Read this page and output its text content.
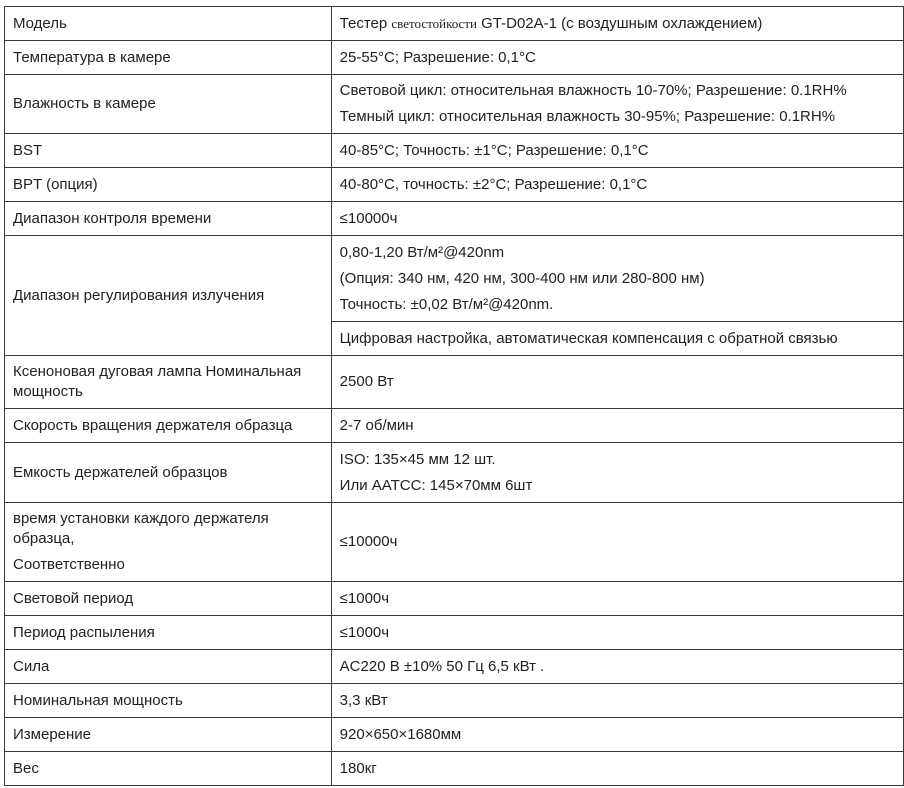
Модель	Тестер светостойкости GT-D02A-1 (с воздушным охлаждением)
Температура в камере	25-55°C; Разрешение: 0,1°C
Влажность в камере	Световой цикл: относительная влажность 10-70%; Разрешение: 0.1RH%
Темный цикл: относительная влажность 30-95%; Разрешение: 0.1RH%

BST	40-85°C; Точность: ±1°C; Разрешение: 0,1°C
BPT (опция)	40-80°C, точность: ±2°C; Разрешение: 0,1°C
Диапазон контроля времени	≤10000ч
Диапазон регулирования излучения	0,80-1,20 Вт/м²@420nm
(Опция: 340 нм, 420 нм, 300-400 нм или 280-800 нм)
Точность: ±0,02 Вт/м²@420nm.

	Цифровая настройка, автоматическая компенсация с обратной связью
Ксеноновая дуговая лампа Номинальная мощность	2500 Вт
Скорость вращения держателя образца	2-7 об/мин
Емкость держателей образцов	ISO: 135×45 мм 12 шт.
Или AATCC: 145×70мм 6шт

время установки каждого держателя образца,
Соответственно	≤10000ч
Световой период	≤1000ч
Период распыления	≤1000ч
Сила	AC220 В ±10% 50 Гц 6,5 кВт .
Номинальная мощность	3,3 кВт
Измерение	920×650×1680мм
Вес	180кг
